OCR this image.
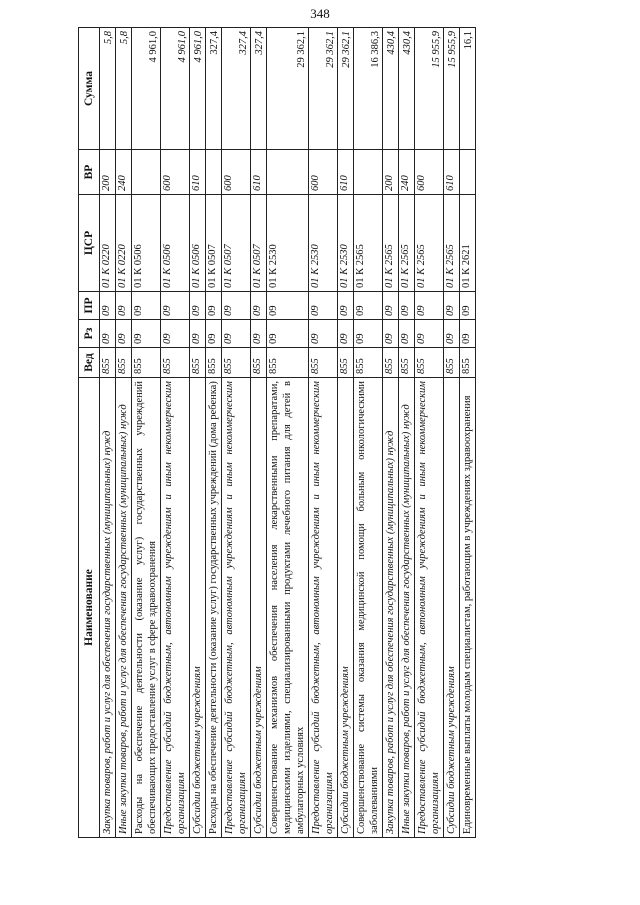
348
Наименование	Вед	Рз	ПР	ЦСР	ВР	Сумма
Закупка товаров, работ и услуг для обеспечения государственных (муниципальных) нужд	855	09	09	01 К 0220	200	5,8
Иные закупки товаров, работ и услуг для обеспечения государственных (муниципальных) нужд	855	09	09	01 К 0220	240	5,8
Расходы на обеспечение деятельности (оказание услуг) государственных учреждений обеспечивающих предоставление услуг в сфере здравоохранения	855	09	09	01 К 0506		4 961,0
Предоставление субсидий бюджетным, автономным учреждениям и иным некоммерческим организациям	855	09	09	01 К 0506	600	4 961,0
Субсидии бюджетным учреждениям	855	09	09	01 К 0506	610	4 961,0
Расходы на обеспечение деятельности (оказание услуг) государственных учреждений (дома ребенка)	855	09	09	01 К 0507		327,4
Предоставление субсидий бюджетным, автономным учреждениям и иным некоммерческим организациям	855	09	09	01 К 0507	600	327,4
Субсидии бюджетным учреждениям	855	09	09	01 К 0507	610	327,4
Совершенствование механизмов обеспечения населения лекарственными препаратами, медицинскими изделиями, специализированными продуктами лечебного питания для детей в амбулаторных условиях	855	09	09	01 К 2530		29 362,1
Предоставление субсидий бюджетным, автономным учреждениям и иным некоммерческим организациям	855	09	09	01 К 2530	600	29 362,1
Субсидии бюджетным учреждениям	855	09	09	01 К 2530	610	29 362,1
Совершенствование системы оказания медицинской помощи больным онкологическими заболеваниями	855	09	09	01 К 2565		16 386,3
Закупка товаров, работ и услуг для обеспечения государственных (муниципальных) нужд	855	09	09	01 К 2565	200	430,4
Иные закупки товаров, работ и услуг для обеспечения государственных (муниципальных) нужд	855	09	09	01 К 2565	240	430,4
Предоставление субсидий бюджетным, автономным учреждениям и иным некоммерческим организациям	855	09	09	01 К 2565	600	15 955,9
Субсидии бюджетным учреждениям	855	09	09	01 К 2565	610	15 955,9
Единовременные выплаты молодым специалистам, работающим в учреждениях здравоохранения	855	09	09	01 К 2621		16,1
